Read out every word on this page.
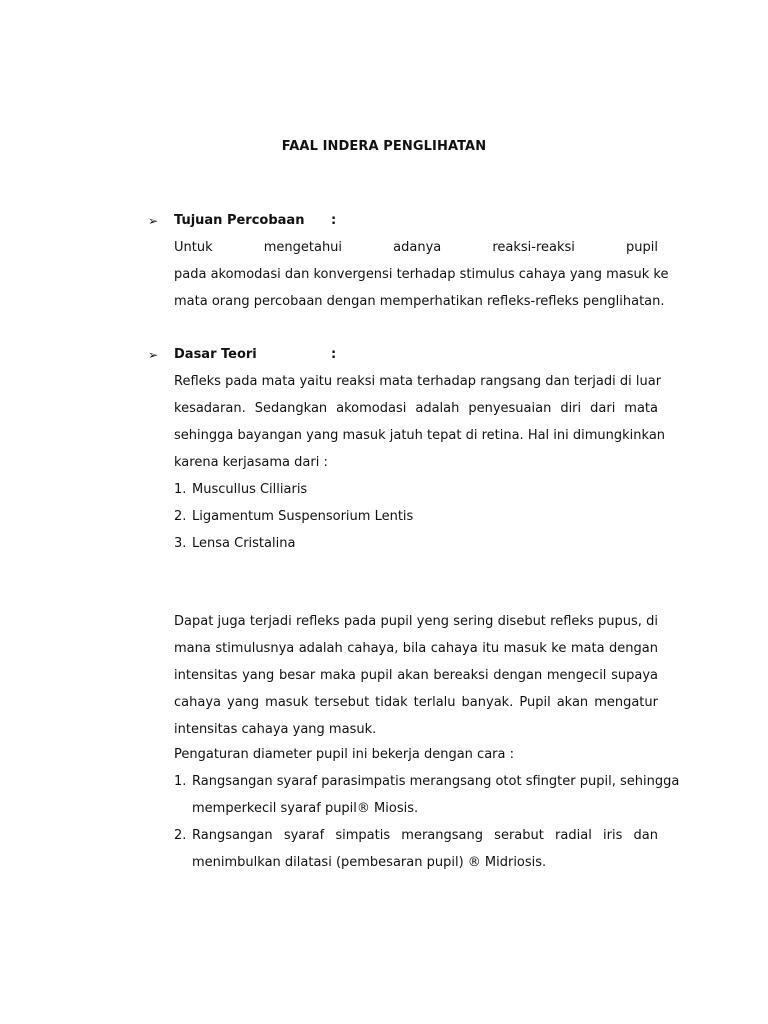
FAAL INDERA PENGLIHATAN
➢ Tujuan Percobaan :
Untuk mengetahui adanya reaksi-reaksi pupil
pada akomodasi dan konvergensi terhadap stimulus cahaya yang masuk ke
mata orang percobaan dengan memperhatikan refleks-refleks penglihatan.
➢ Dasar Teori	:
Refleks pada mata yaitu reaksi mata terhadap rangsang dan terjadi di luar
kesadaran. Sedangkan akomodasi adalah penyesuaian diri dari mata
sehingga bayangan yang masuk jatuh tepat di retina. Hal ini dimungkinkan
karena kerjasama dari :
1. Muscullus Cilliaris
2. Ligamentum Suspensorium Lentis
3. Lensa Cristalina
Dapat juga terjadi refleks pada pupil yeng sering disebut refleks pupus, di
mana stimulusnya adalah cahaya, bila cahaya itu masuk ke mata dengan
intensitas yang besar maka pupil akan bereaksi dengan mengecil supaya
cahaya yang masuk tersebut tidak terlalu banyak. Pupil akan mengatur
intensitas cahaya yang masuk.
Pengaturan diameter pupil ini bekerja dengan cara :
1. Rangsangan syaraf parasimpatis merangsang otot sfingter pupil, sehingga
memperkecil syaraf pupil® Miosis.
2. Rangsangan syaraf simpatis merangsang serabut radial iris dan
menimbulkan dilatasi (pembesaran pupil) ® Midriosis.
